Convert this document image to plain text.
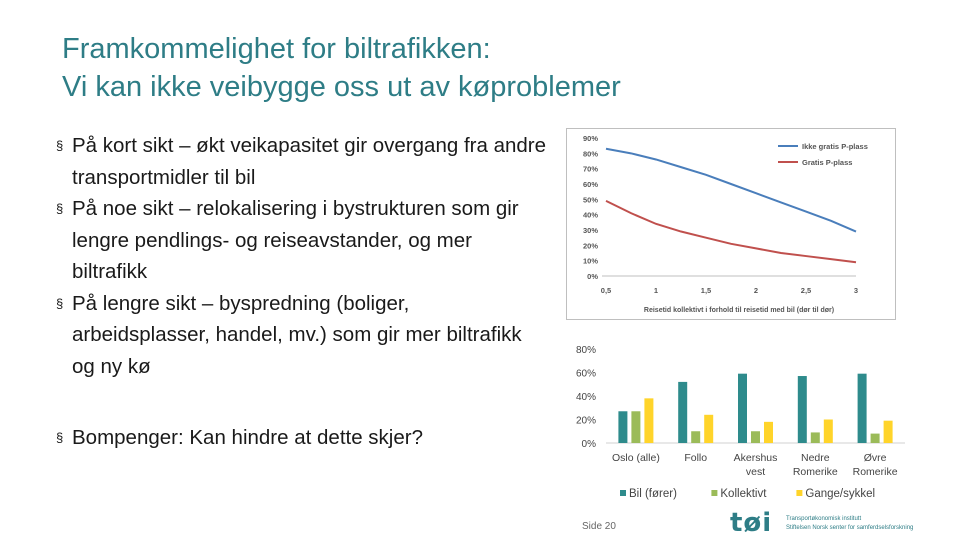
Framkommelighet for biltrafikken:
Vi kan ikke veibygge oss ut av køproblemer
§ På kort sikt – økt veikapasitet gir overgang fra andre transportmidler til bil
§ På noe sikt – relokalisering i bystrukturen som gir lengre pendlings- og reiseavstander, og mer biltrafikk
§ På lengre sikt – byspredning (boliger, arbeidsplasser, handel, mv.) som gir mer biltrafikk og ny kø
§ Bompenger: Kan hindre at dette skjer?
0%
10%
20%
30%
40%
50%
60%
70%
80%
90%
0,5	1	1,5	2	2,5	3
Reisetid kollektivt i forhold til reisetid med bil (dør til dør)
Ikke gratis P-plass
Gratis P-plass
0%
20%
40%
60%
80%
Oslo (alle) Follo	Akershus vest
Nedre Romerike
Øvre Romerike
Bil (fører)	Kollektivt	Gange/sykkel
Side 20	tøi Transportøkonomisk institutt
Stiftelsen Norsk senter for samferdselsforskning
